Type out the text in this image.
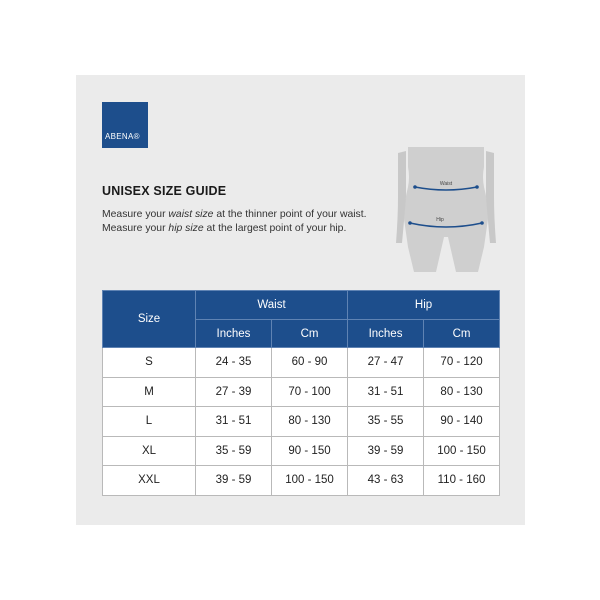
ABENA®
UNISEX SIZE GUIDE
Measure your waist size at the thinner point of your waist.
Measure your hip size at the largest point of your hip.
Waist
Hip
Size	Waist		Hip	
	Inches	Cm	Inches	Cm
S	24 - 35	60 - 90	27 - 47	70 - 120
M	27 - 39	70 - 100	31 - 51	80 - 130
L	31 - 51	80 - 130	35 - 55	90 - 140
XL	35 - 59	90 - 150	39 - 59	100 - 150
XXL	39 - 59	100 - 150	43 - 63	110 - 160
